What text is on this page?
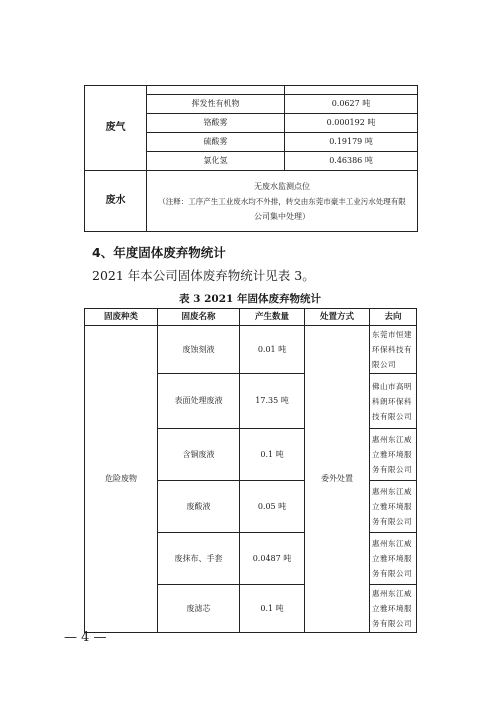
废气		
	挥发性有机物	0.0627 吨
	铬酸雾	0.000192 吨
	硫酸雾	0.19179 吨
	氯化氢	0.46386 吨
废水	无废水监测点位
（注释：工序产生工业废水均不外排，转交由东莞市豪丰工业污水处理有限
公司集中处理）	
4、年度固体废弃物统计
2021 年本公司固体废弃物统计见表 3。
表 3 2021 年固体废弃物统计
固废种类	固废名称	产生数量	处置方式	去向
危险废物	废蚀刻液	0.01 吨	委外处置	东莞市恒建环保科技有限公司
	表面处理废液	17.35 吨		佛山市高明科朗环保科技有限公司
	含铜废液	0.1 吨		惠州东江威立雅环境服务有限公司
	废酸液	0.05 吨		惠州东江威立雅环境服务有限公司
	废抹布、手套	0.0487 吨		惠州东江威立雅环境服务有限公司
	废滤芯	0.1 吨		惠州东江威立雅环境服务有限公司
— 4 —
